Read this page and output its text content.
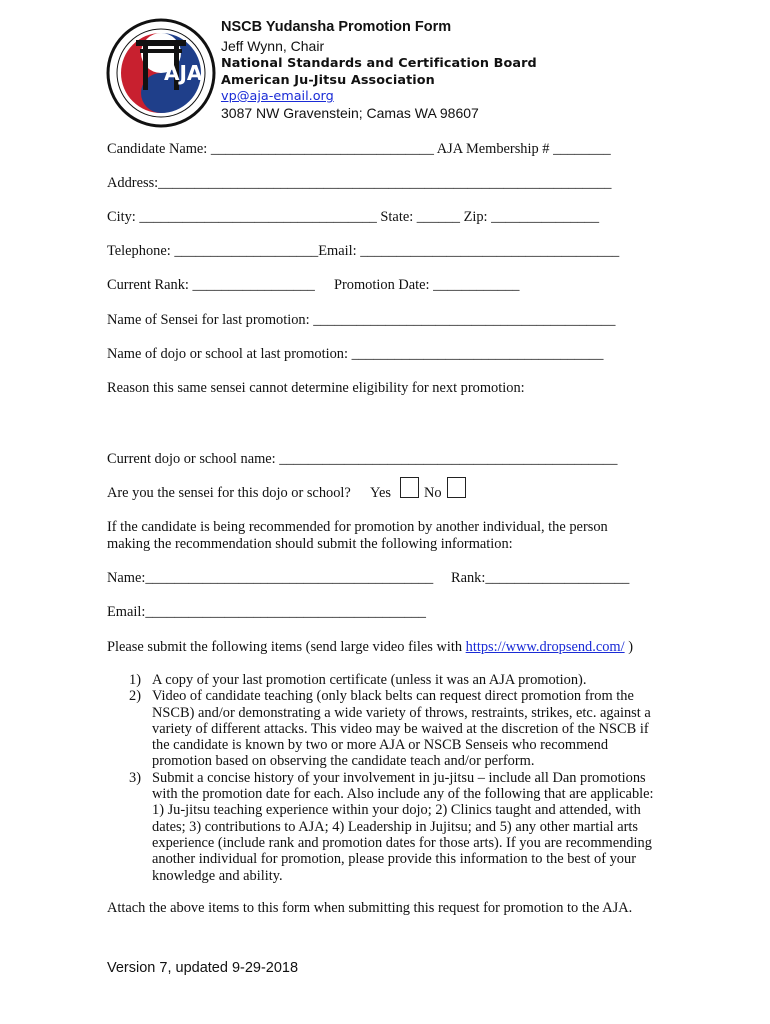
AJA
NSCB Yudansha Promotion Form
Jeff Wynn, Chair
National Standards and Certification Board
American Ju-Jitsu Association
vp@aja-email.org
3087 NW Gravenstein; Camas WA 98607
Candidate Name: _______________________________ AJA Membership # ________
Address:_______________________________________________________________
City: _________________________________ State: ______ Zip: _______________
Telephone: ____________________Email: ____________________________________
Current Rank: _________________ Promotion Date: ____________
Name of Sensei for last promotion: __________________________________________
Name of dojo or school at last promotion: ___________________________________
Reason this same sensei cannot determine eligibility for next promotion:
Current dojo or school name: _______________________________________________
Are you the sensei for this dojo or school? Yes No
If the candidate is being recommended for promotion by another individual, the person
making the recommendation should submit the following information:
Name:________________________________________ Rank:____________________
Email:_______________________________________
Please submit the following items (send large video files with https://www.dropsend.com/ )
1) A copy of your last promotion certificate (unless it was an AJA promotion).
2) Video of candidate teaching (only black belts can request direct promotion from the NSCB) and/or demonstrating a wide variety of throws, restraints, strikes, etc. against a variety of different attacks. This video may be waived at the discretion of the NSCB if the candidate is known by two or more AJA or NSCB Senseis who recommend promotion based on observing the candidate teach and/or perform.
3) Submit a concise history of your involvement in ju-jitsu – include all Dan promotions with the promotion date for each. Also include any of the following that are applicable: 1) Ju-jitsu teaching experience within your dojo; 2) Clinics taught and attended, with dates; 3) contributions to AJA; 4) Leadership in Jujitsu; and 5) any other martial arts experience (include rank and promotion dates for those arts). If you are recommending another individual for promotion, please provide this information to the best of your knowledge and ability.
Attach the above items to this form when submitting this request for promotion to the AJA.
Version 7, updated 9-29-2018
